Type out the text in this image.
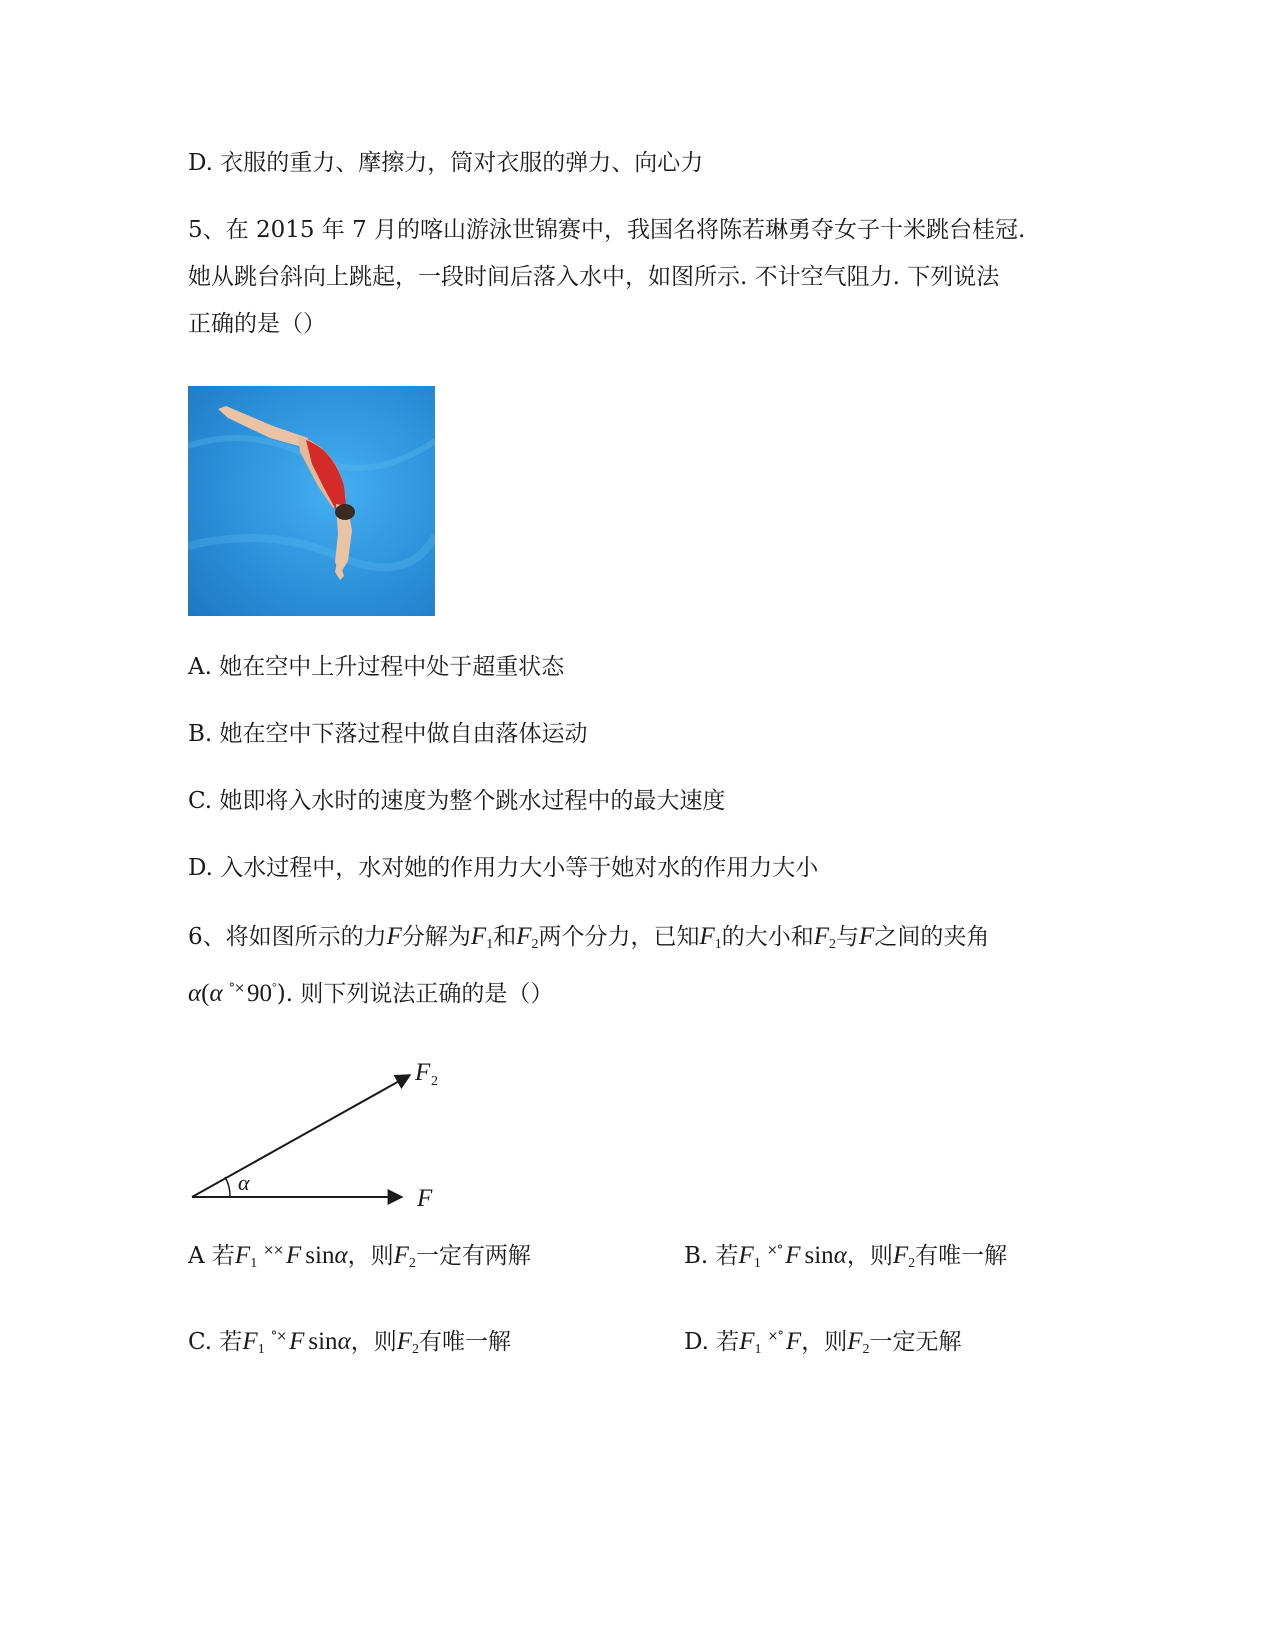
D. 衣服的重力、摩擦力，筒对衣服的弹力、向心力
5、在 2015 年 7 月的喀山游泳世锦赛中，我国名将陈若琳勇夺女子十米跳台桂冠.
她从跳台斜向上跳起，一段时间后落入水中，如图所示. 不计空气阻力. 下列说法
正确的是（）
A. 她在空中上升过程中处于超重状态
B. 她在空中下落过程中做自由落体运动
C. 她即将入水时的速度为整个跳水过程中的最大速度
D. 入水过程中，水对她的作用力大小等于她对水的作用力大小
6、将如图所示的力F分解为$F_1$和$F_2$两个分力，已知$F_1$的大小和$F_2$与F之间的夹角
α(α °× 90°). 则下列说法正确的是（）
α
F 2
F
A 若$F_1^{\times\times}$ F sinα，则$F_2$一定有两解	B. 若$F_1^{\times^\circ}$ F sinα，则$F_2$有唯一解
C. 若$F_1^{^\circ\times}$ F sinα，则$F_2$有唯一解	D. 若$F_1^{\times^\circ}$ F，则$F_2$一定无解
